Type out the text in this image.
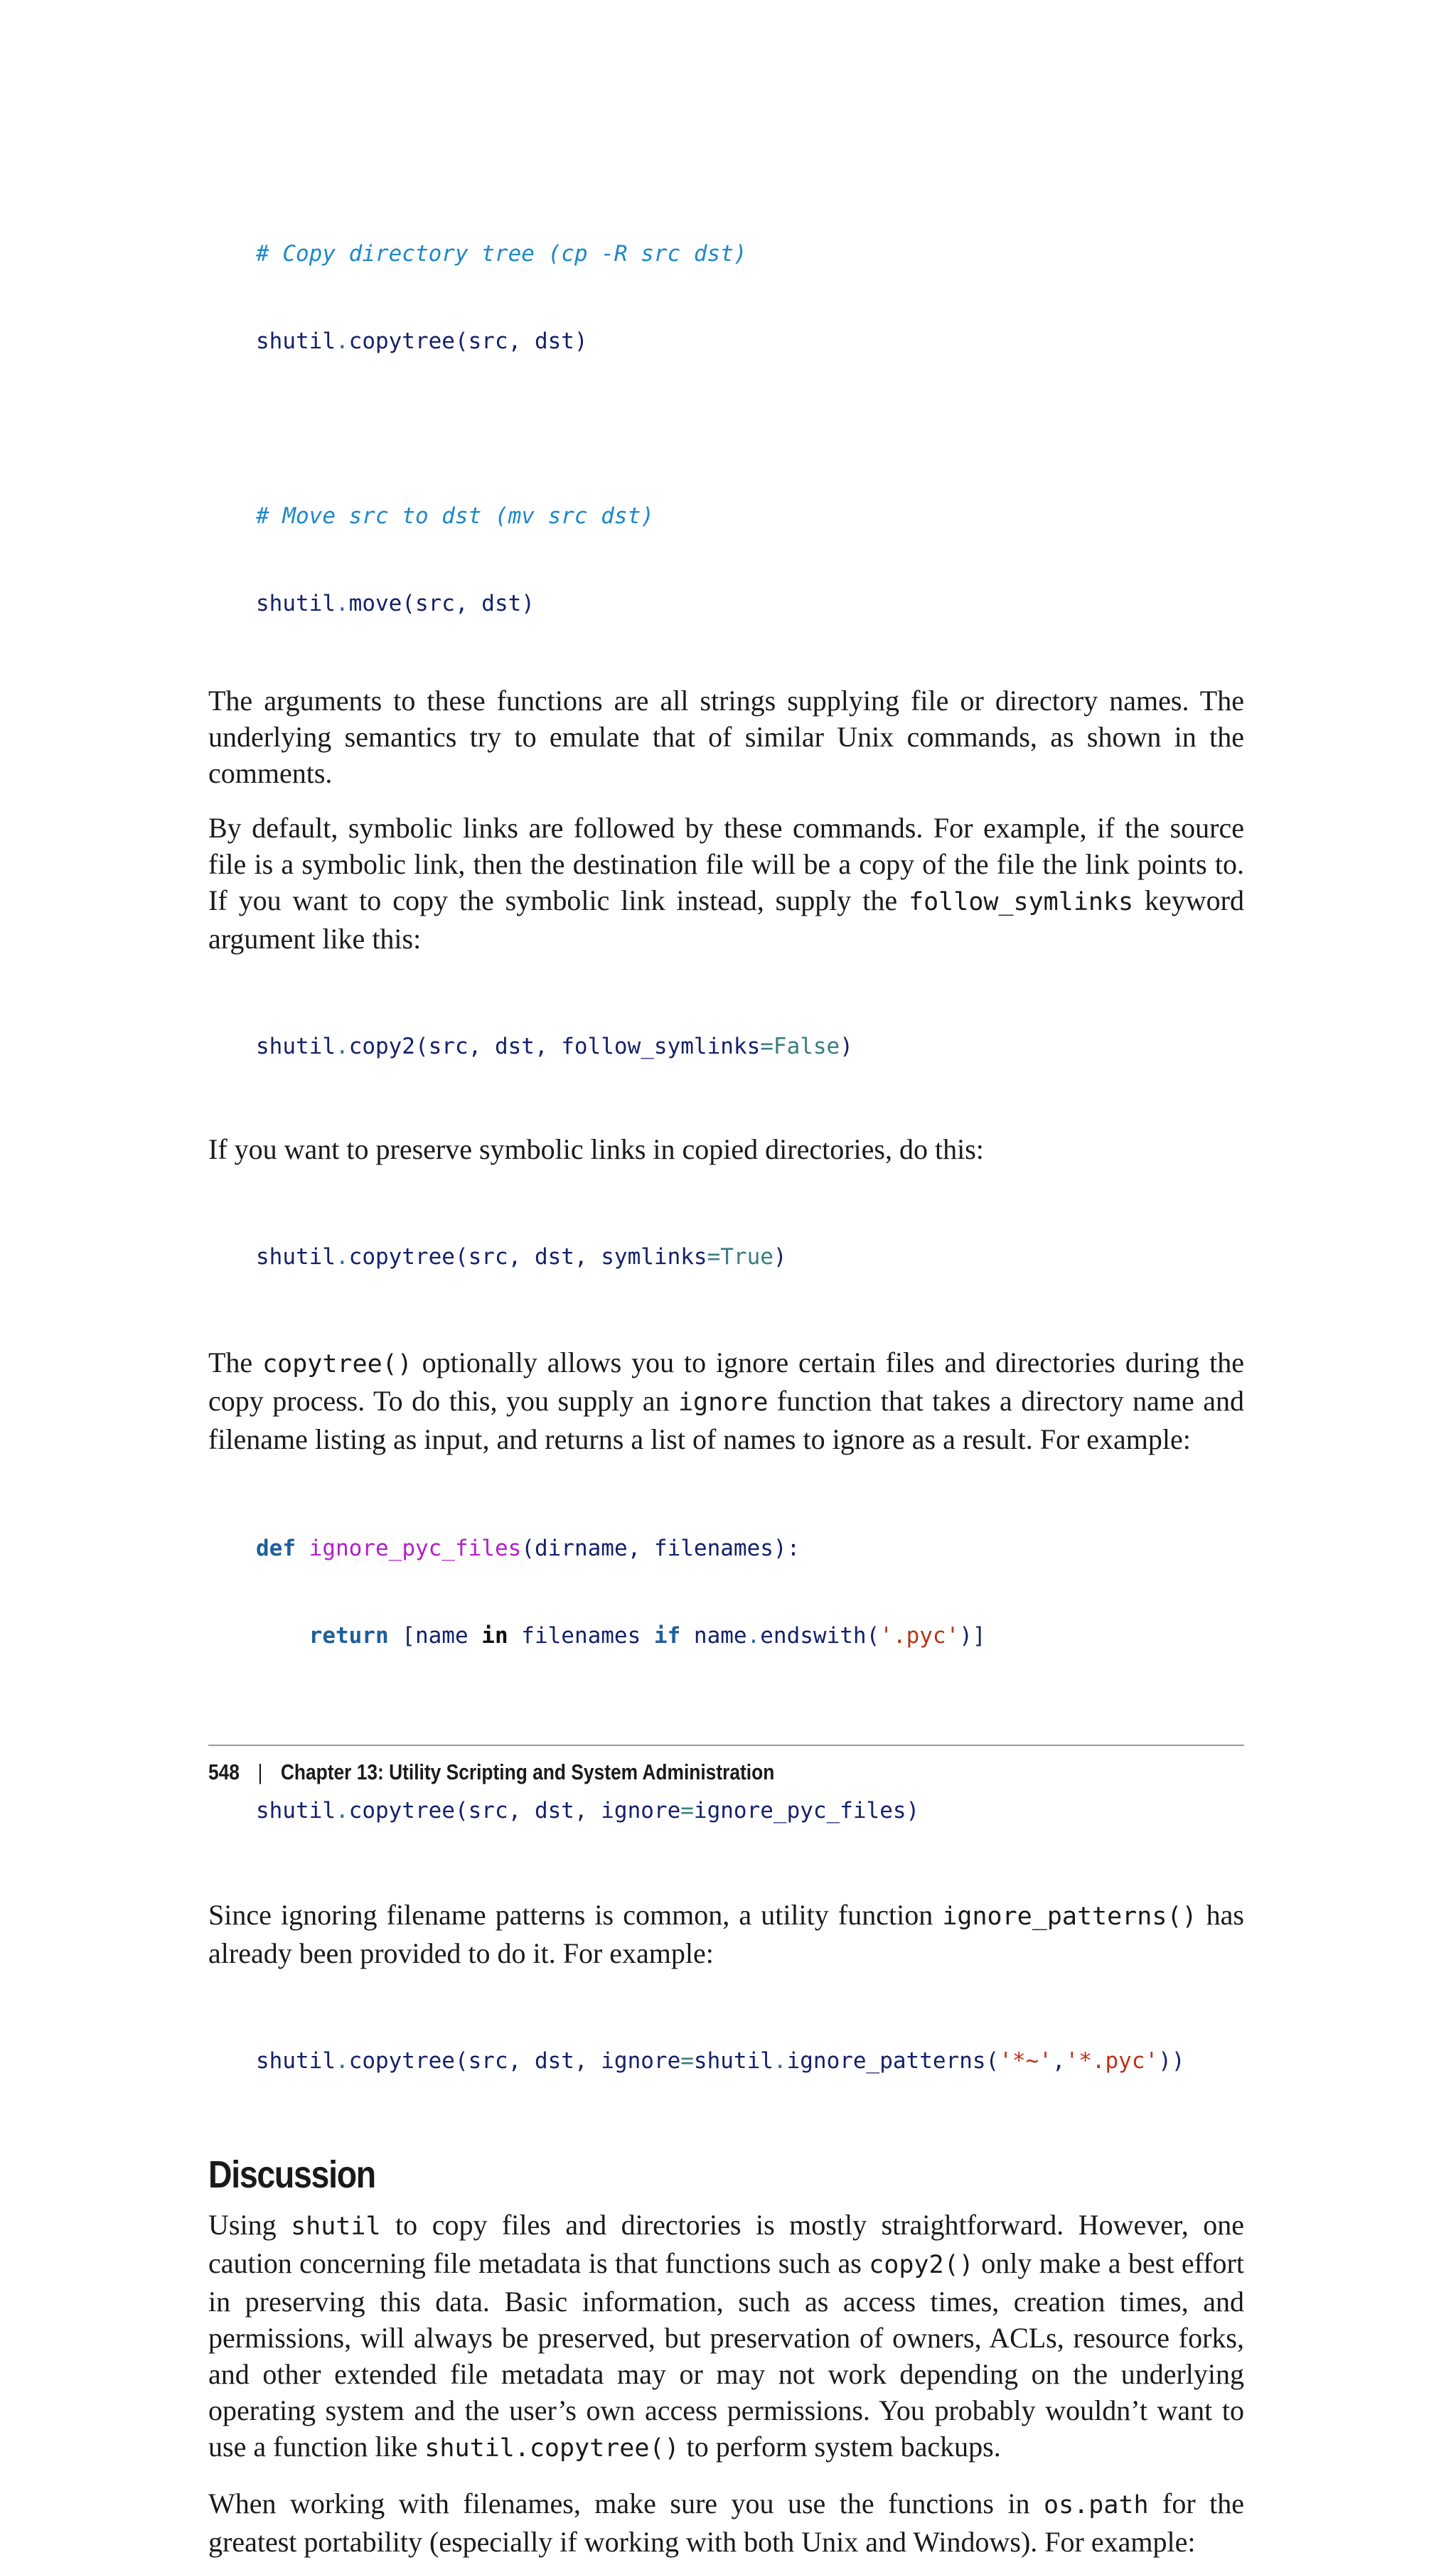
# Copy directory tree (cp -R src dst)

shutil.copytree(src, dst)

# Move src to dst (mv src dst)

shutil.move(src, dst)

The arguments to these functions are all strings supplying file or directory names. The underlying semantics try to emulate that of similar Unix commands, as shown in the comments.

By default, symbolic links are followed by these commands. For example, if the source file is a symbolic link, then the destination file will be a copy of the file the link points to. If you want to copy the symbolic link instead, supply the follow_symlinks keyword argument like this:

shutil.copy2(src, dst, follow_symlinks=False)

If you want to preserve symbolic links in copied directories, do this:

shutil.copytree(src, dst, symlinks=True)

The copytree() optionally allows you to ignore certain files and directories during the copy process. To do this, you supply an ignore function that takes a directory name and filename listing as input, and returns a list of names to ignore as a result. For example:

def ignore_pyc_files(dirname, filenames):

return [name in filenames if name.endswith('.pyc')]

shutil.copytree(src, dst, ignore=ignore_pyc_files)

Since ignoring filename patterns is common, a utility function ignore_patterns() has already been provided to do it. For example:

shutil.copytree(src, dst, ignore=shutil.ignore_patterns('*~','*.pyc'))

Discussion

Using shutil to copy files and directories is mostly straightforward. However, one caution concerning file metadata is that functions such as copy2() only make a best effort in preserving this data. Basic information, such as access times, creation times, and permissions, will always be preserved, but preservation of owners, ACLs, resource forks, and other extended file metadata may or may not work depending on the underlying operating system and the user’s own access permissions. You probably wouldn’t want to use a function like shutil.copytree() to perform system backups.

When working with filenames, make sure you use the functions in os.path for the greatest portability (especially if working with both Unix and Windows). For example:

548 | Chapter 13: Utility Scripting and System Administration
